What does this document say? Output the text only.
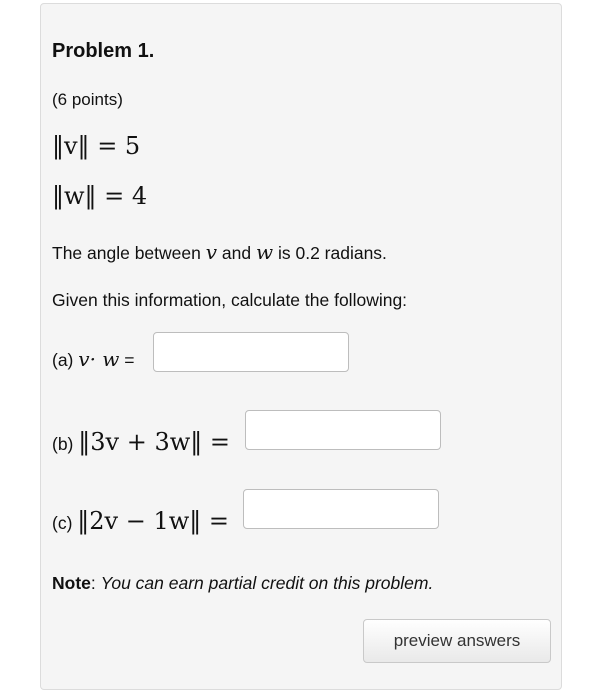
Problem 1.
(6 points)
‖v‖ = 5
‖w‖ = 4
The angle between v and w is 0.2 radians.
Given this information, calculate the following:
(a) v· w =
(b) ‖3v + 3w‖ =
(c) ‖2v − 1w‖ =
Note: You can earn partial credit on this problem.
preview answers
